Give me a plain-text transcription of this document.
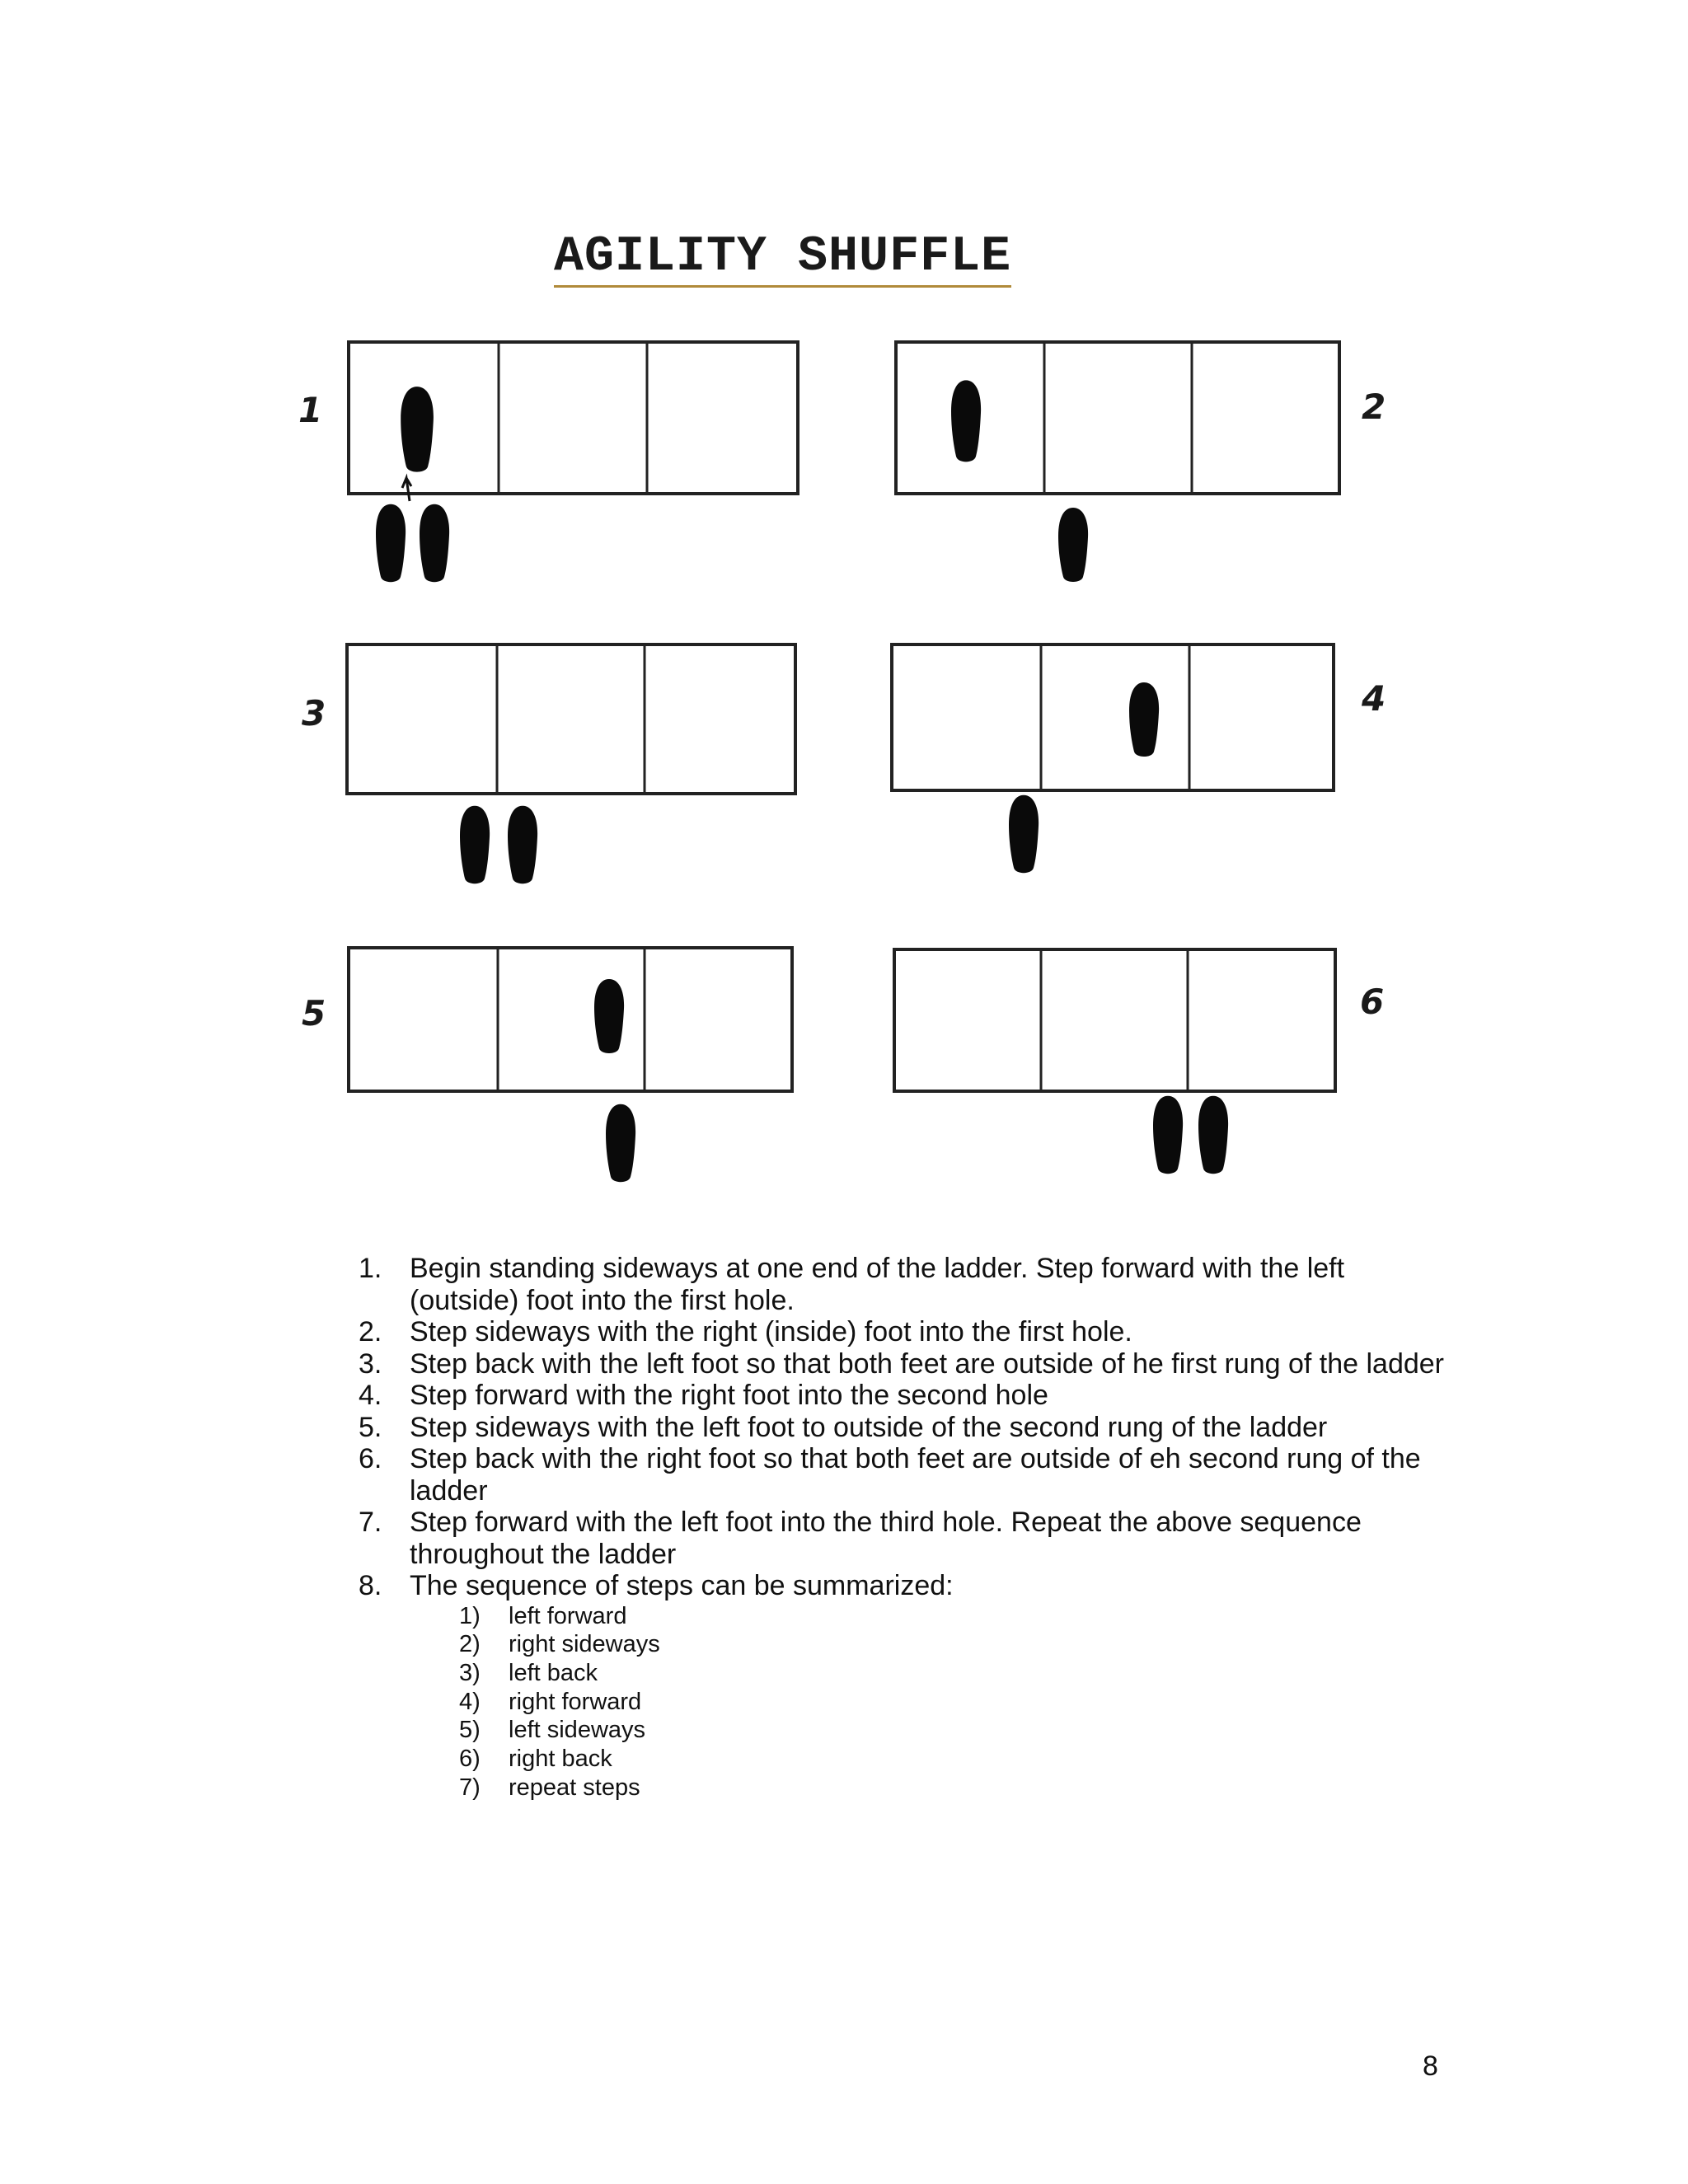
AGILITY SHUFFLE
1	2
3	4
5	6
1. Begin standing sideways at one end of the ladder. Step forward with the left (outside) foot into the first hole.
2. Step sideways with the right (inside) foot into the first hole.
3. Step back with the left foot so that both feet are outside of he first rung of the ladder
4. Step forward with the right foot into the second hole
5. Step sideways with the left foot to outside of the second rung of the ladder
6. Step back with the right foot so that both feet are outside of eh second rung of the ladder
7. Step forward with the left foot into the third hole. Repeat the above sequence throughout the ladder
8. The sequence of steps can be summarized:
1)	left forward
2)	right sideways
3)	left back
4)	right forward
5)	left sideways
6)	right back
7)	repeat steps
8
